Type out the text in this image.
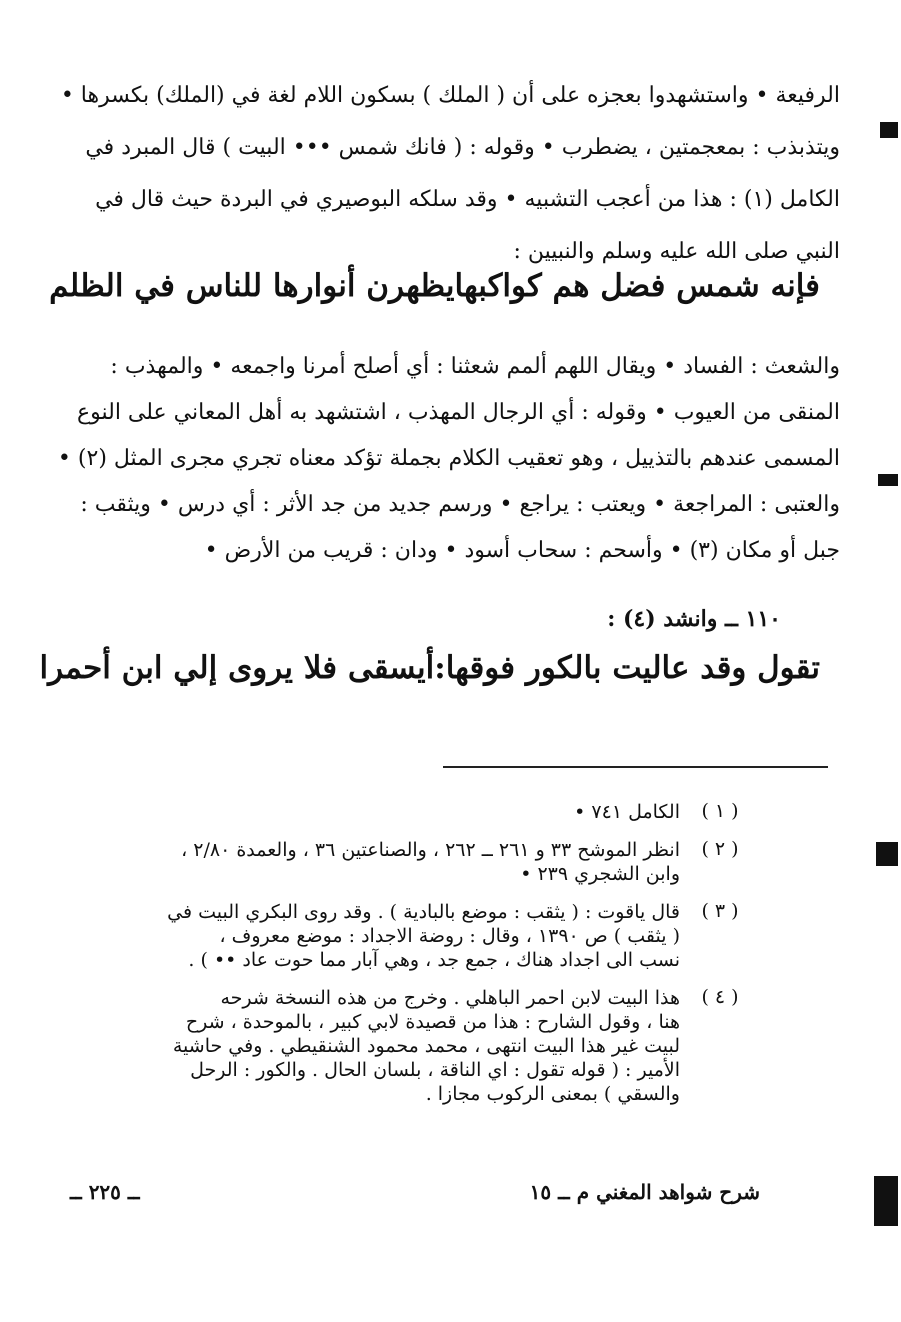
الرفيعة • واستشهدوا بعجزه على أن ( الملك ) بسكون اللام لغة في (الملك) بكسرها •
ويتذبذب : بمعجمتين ، يضطرب • وقوله : ( فانك شمس ••• البيت ) قال المبرد في
الكامل (١) : هذا من أعجب التشبيه • وقد سلكه البوصيري في البردة حيث قال في
النبي صلى الله عليه وسلم والنبيين :
فإنه شمس فضل هم كواكبها
يظهرن أنوارها للناس في الظلم
والشعث : الفساد • ويقال اللهم ألمم شعثنا : أي أصلح أمرنا واجمعه • والمهذب :
المنقى من العيوب • وقوله : أي الرجال المهذب ، اشتشهد به أهل المعاني على النوع
المسمى عندهم بالتذييل ، وهو تعقيب الكلام بجملة تؤكد معناه تجري مجرى المثل (٢) •
والعتبى : المراجعة • ويعتب : يراجع • ورسم جديد من جد الأثر : أي درس • ويثقب :
جبل أو مكان (٣) • وأسحم : سحاب أسود • ودان : قريب من الأرض •
١١٠ ــ وانشد (٤) :
تقول وقد عاليت بالكور فوقها:
أيسقى فلا يروى إلي ابن أحمرا
( ١ )
الكامل ٧٤١ •
( ٢ )
انظر الموشح ٣٣ و ٢٦١ ــ ٢٦٢ ، والصناعتين ٣٦ ، والعمدة ٢/٨٠ ،
وابن الشجري ٢٣٩ •
( ٣ )
قال ياقوت : ( يثقب : موضع بالبادية ) . وقد روى البكري البيت في
( يثقب ) ص ١٣٩٠ ، وقال : روضة الاجداد : موضع معروف ،
نسب الى اجداد هناك ، جمع جد ، وهي آبار مما حوت عاد •• ) .
( ٤ )
هذا البيت لابن احمر الباهلي . وخرج من هذه النسخة شرحه
هنا ، وقول الشارح : هذا من قصيدة لابي كبير ، بالموحدة ، شرح
لبيت غير هذا البيت انتهى ، محمد محمود الشنقيطي . وفي حاشية
الأمير : ( قوله تقول : اي الناقة ، بلسان الحال . والكور : الرحل
والسقي ) بمعنى الركوب مجازا .
شرح شواهد المغني م ــ ١٥
ــ ٢٢٥ ــ
